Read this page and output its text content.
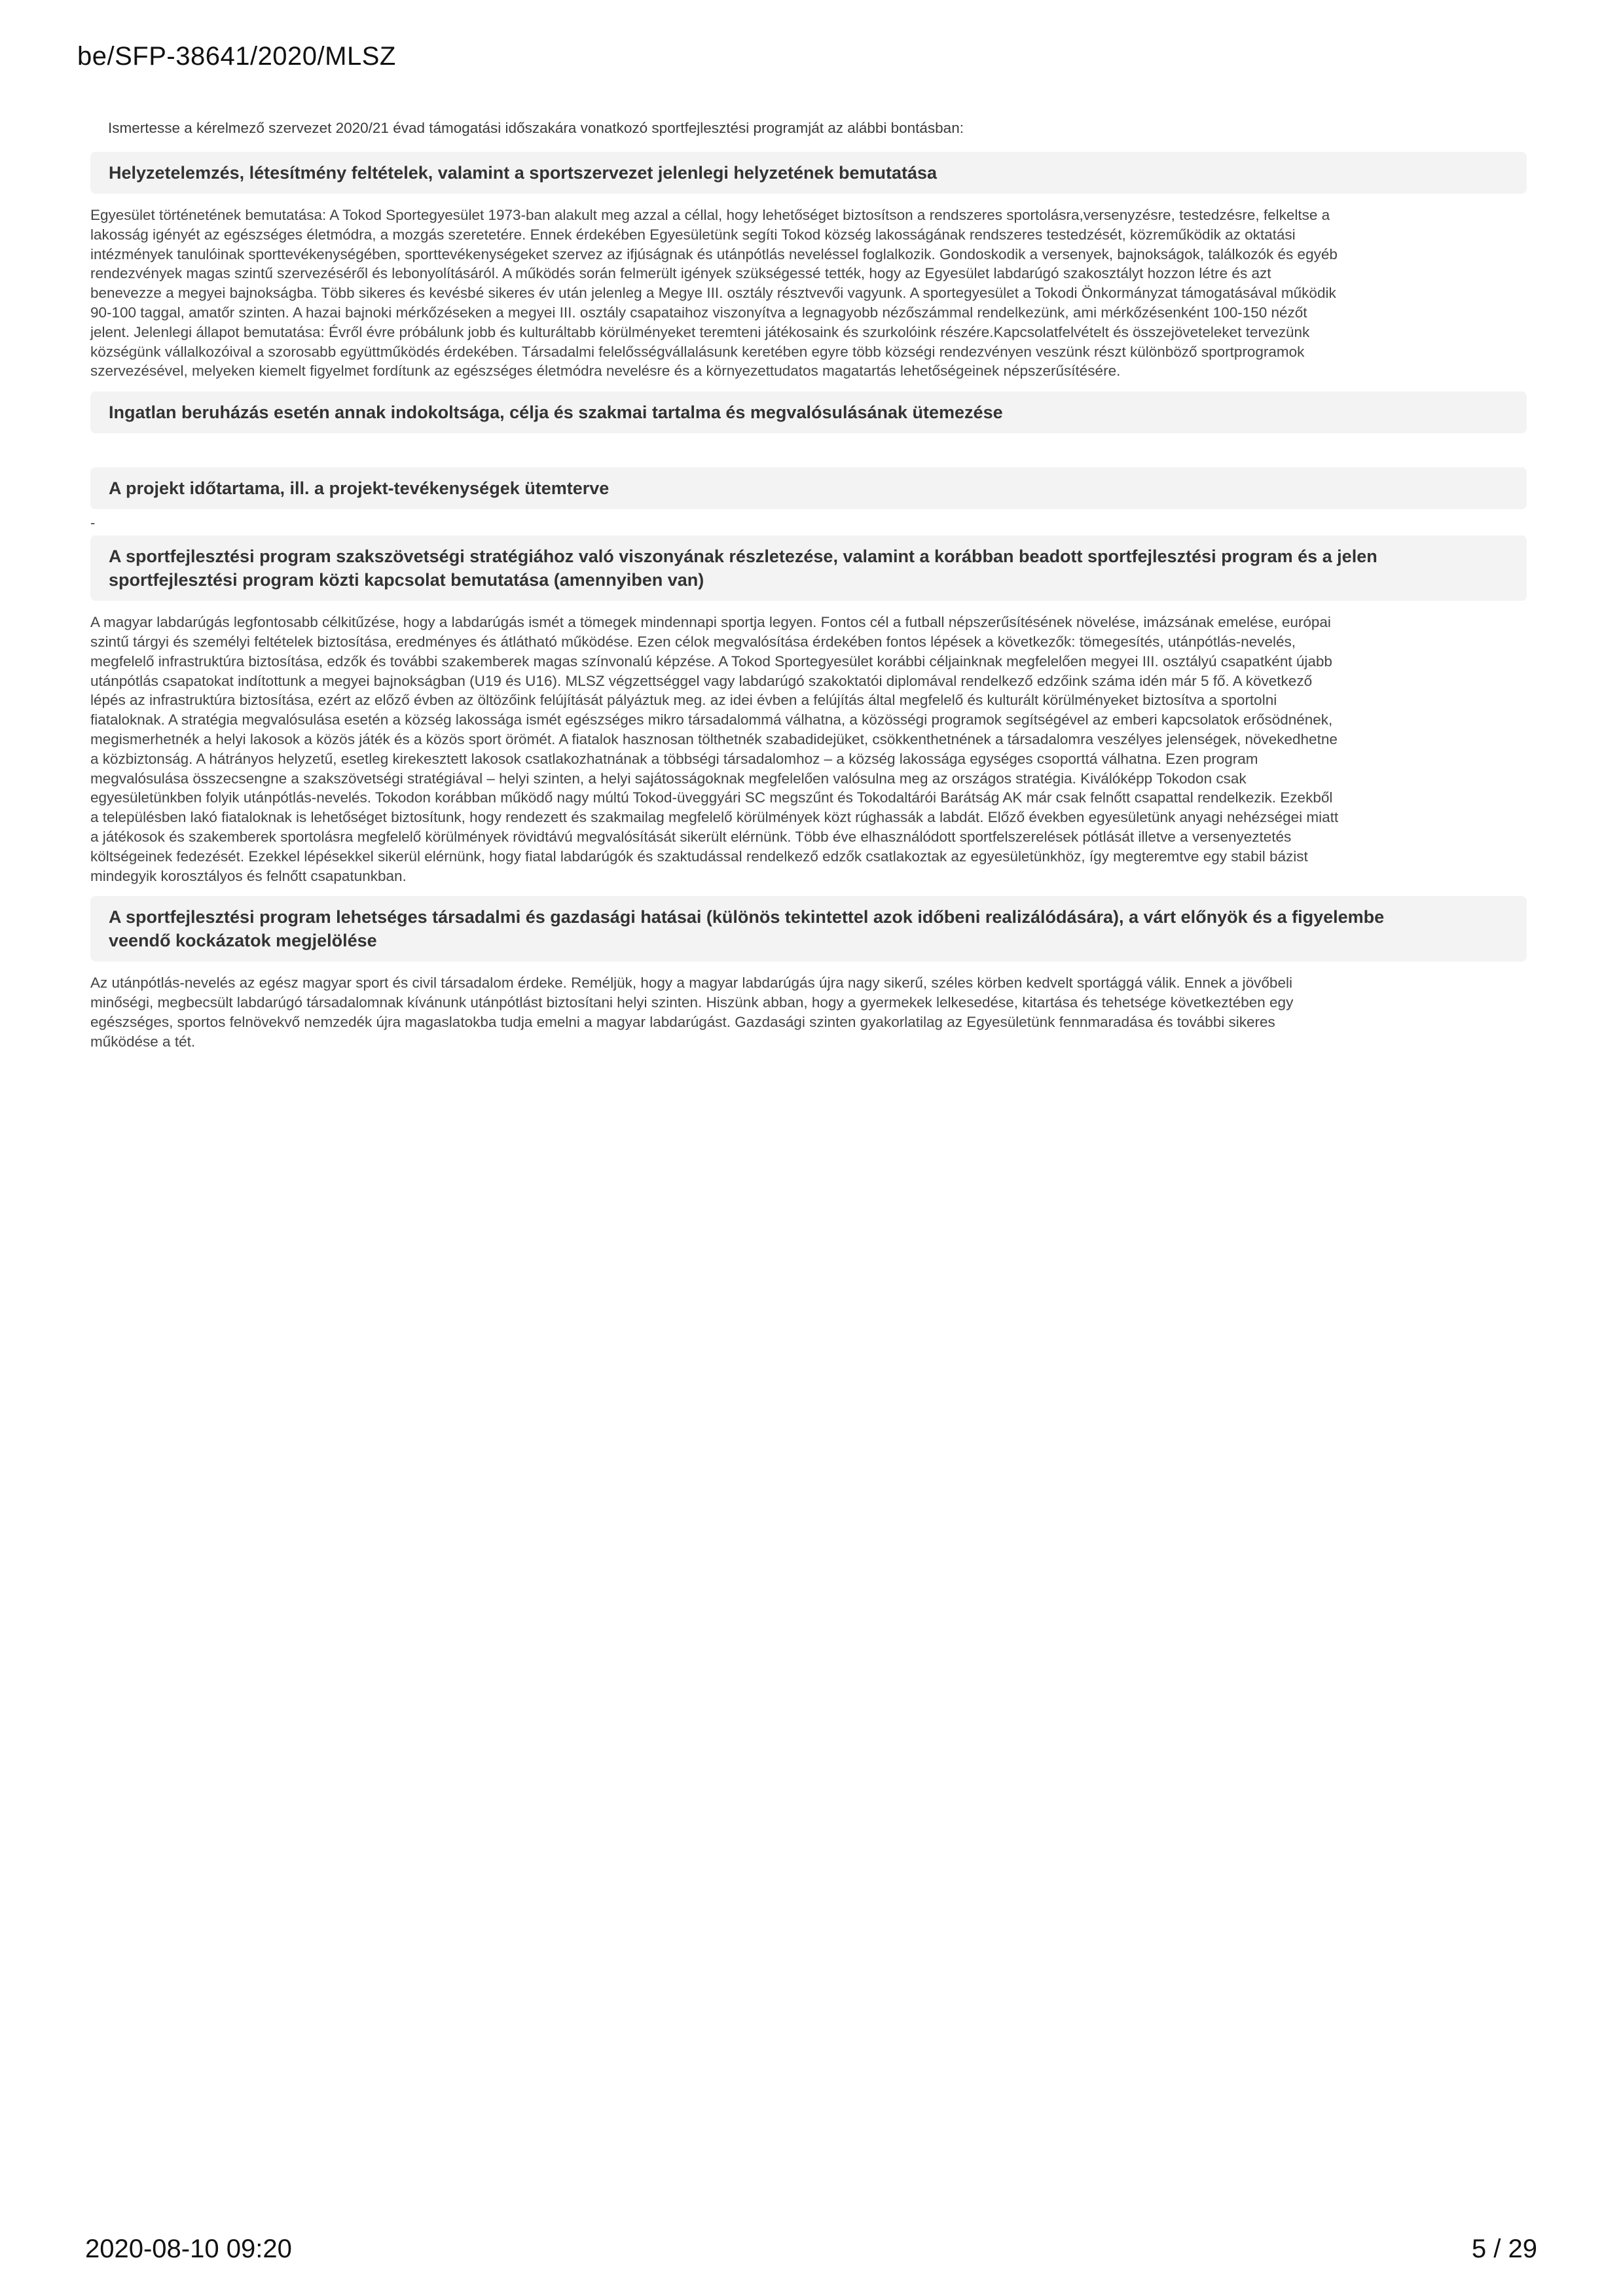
be/SFP-38641/2020/MLSZ
Ismertesse a kérelmező szervezet 2020/21 évad támogatási időszakára vonatkozó sportfejlesztési programját az alábbi bontásban:
Helyzetelemzés, létesítmény feltételek, valamint a sportszervezet jelenlegi helyzetének bemutatása
Egyesület történetének bemutatása: A Tokod Sportegyesület 1973-ban alakult meg azzal a céllal, hogy lehetőséget biztosítson a rendszeres sportolásra,versenyzésre, testedzésre, felkeltse a
lakosság igényét az egészséges életmódra, a mozgás szeretetére. Ennek érdekében Egyesületünk segíti Tokod község lakosságának rendszeres testedzését, közreműködik az oktatási
intézmények tanulóinak sporttevékenységében, sporttevékenységeket szervez az ifjúságnak és utánpótlás neveléssel foglalkozik. Gondoskodik a versenyek, bajnokságok, találkozók és egyéb
rendezvények magas szintű szervezéséről és lebonyolításáról. A működés során felmerült igények szükségessé tették, hogy az Egyesület labdarúgó szakosztályt hozzon létre és azt
benevezze a megyei bajnokságba. Több sikeres és kevésbé sikeres év után jelenleg a Megye III. osztály résztvevői vagyunk. A sportegyesület a Tokodi Önkormányzat támogatásával működik
90-100 taggal, amatőr szinten. A hazai bajnoki mérkőzéseken a megyei III. osztály csapataihoz viszonyítva a legnagyobb nézőszámmal rendelkezünk, ami mérkőzésenként 100-150 nézőt
jelent. Jelenlegi állapot bemutatása: Évről évre próbálunk jobb és kulturáltabb körülményeket teremteni játékosaink és szurkolóink részére.Kapcsolatfelvételt és összejöveteleket tervezünk
községünk vállalkozóival a szorosabb együttműködés érdekében. Társadalmi felelősségvállalásunk keretében egyre több községi rendezvényen veszünk részt különböző sportprogramok
szervezésével, melyeken kiemelt figyelmet fordítunk az egészséges életmódra nevelésre és a környezettudatos magatartás lehetőségeinek népszerűsítésére.
Ingatlan beruházás esetén annak indokoltsága, célja és szakmai tartalma és megvalósulásának ütemezése
A projekt időtartama, ill. a projekt-tevékenységek ütemterve
-
A sportfejlesztési program szakszövetségi stratégiához való viszonyának részletezése, valamint a korábban beadott sportfejlesztési program és a jelen
sportfejlesztési program közti kapcsolat bemutatása (amennyiben van)
A magyar labdarúgás legfontosabb célkitűzése, hogy a labdarúgás ismét a tömegek mindennapi sportja legyen. Fontos cél a futball népszerűsítésének növelése, imázsának emelése, európai
szintű tárgyi és személyi feltételek biztosítása, eredményes és átlátható működése. Ezen célok megvalósítása érdekében fontos lépések a következők: tömegesítés, utánpótlás-nevelés,
megfelelő infrastruktúra biztosítása, edzők és további szakemberek magas színvonalú képzése. A Tokod Sportegyesület korábbi céljainknak megfelelően megyei III. osztályú csapatként újabb
utánpótlás csapatokat indítottunk a megyei bajnokságban (U19 és U16). MLSZ végzettséggel vagy labdarúgó szakoktatói diplomával rendelkező edzőink száma idén már 5 fő. A következő
lépés az infrastruktúra biztosítása, ezért az előző évben az öltözőink felújítását pályáztuk meg. az idei évben a felújítás által megfelelő és kulturált körülményeket biztosítva a sportolni
fiataloknak. A stratégia megvalósulása esetén a község lakossága ismét egészséges mikro társadalommá válhatna, a közösségi programok segítségével az emberi kapcsolatok erősödnének,
megismerhetnék a helyi lakosok a közös játék és a közös sport örömét. A fiatalok hasznosan tölthetnék szabadidejüket, csökkenthetnének a társadalomra veszélyes jelenségek, növekedhetne
a közbiztonság. A hátrányos helyzetű, esetleg kirekesztett lakosok csatlakozhatnának a többségi társadalomhoz – a község lakossága egységes csoporttá válhatna. Ezen program
megvalósulása összecsengne a szakszövetségi stratégiával – helyi szinten, a helyi sajátosságoknak megfelelően valósulna meg az országos stratégia. Kiválóképp Tokodon csak
egyesületünkben folyik utánpótlás-nevelés. Tokodon korábban működő nagy múltú Tokod-üveggyári SC megszűnt és Tokodaltárói Barátság AK már csak felnőtt csapattal rendelkezik. Ezekből
a településben lakó fiataloknak is lehetőséget biztosítunk, hogy rendezett és szakmailag megfelelő körülmények közt rúghassák a labdát. Előző években egyesületünk anyagi nehézségei miatt
a játékosok és szakemberek sportolásra megfelelő körülmények rövidtávú megvalósítását sikerült elérnünk. Több éve elhasználódott sportfelszerelések pótlását illetve a versenyeztetés
költségeinek fedezését. Ezekkel lépésekkel sikerül elérnünk, hogy fiatal labdarúgók és szaktudással rendelkező edzők csatlakoztak az egyesületünkhöz, így megteremtve egy stabil bázist
mindegyik korosztályos és felnőtt csapatunkban.
A sportfejlesztési program lehetséges társadalmi és gazdasági hatásai (különös tekintettel azok időbeni realizálódására), a várt előnyök és a figyelembe
veendő kockázatok megjelölése
Az utánpótlás-nevelés az egész magyar sport és civil társadalom érdeke. Reméljük, hogy a magyar labdarúgás újra nagy sikerű, széles körben kedvelt sportággá válik. Ennek a jövőbeli
minőségi, megbecsült labdarúgó társadalomnak kívánunk utánpótlást biztosítani helyi szinten. Hiszünk abban, hogy a gyermekek lelkesedése, kitartása és tehetsége következtében egy
egészséges, sportos felnövekvő nemzedék újra magaslatokba tudja emelni a magyar labdarúgást. Gazdasági szinten gyakorlatilag az Egyesületünk fennmaradása és további sikeres
működése a tét.
2020-08-10 09:20	5 / 29
